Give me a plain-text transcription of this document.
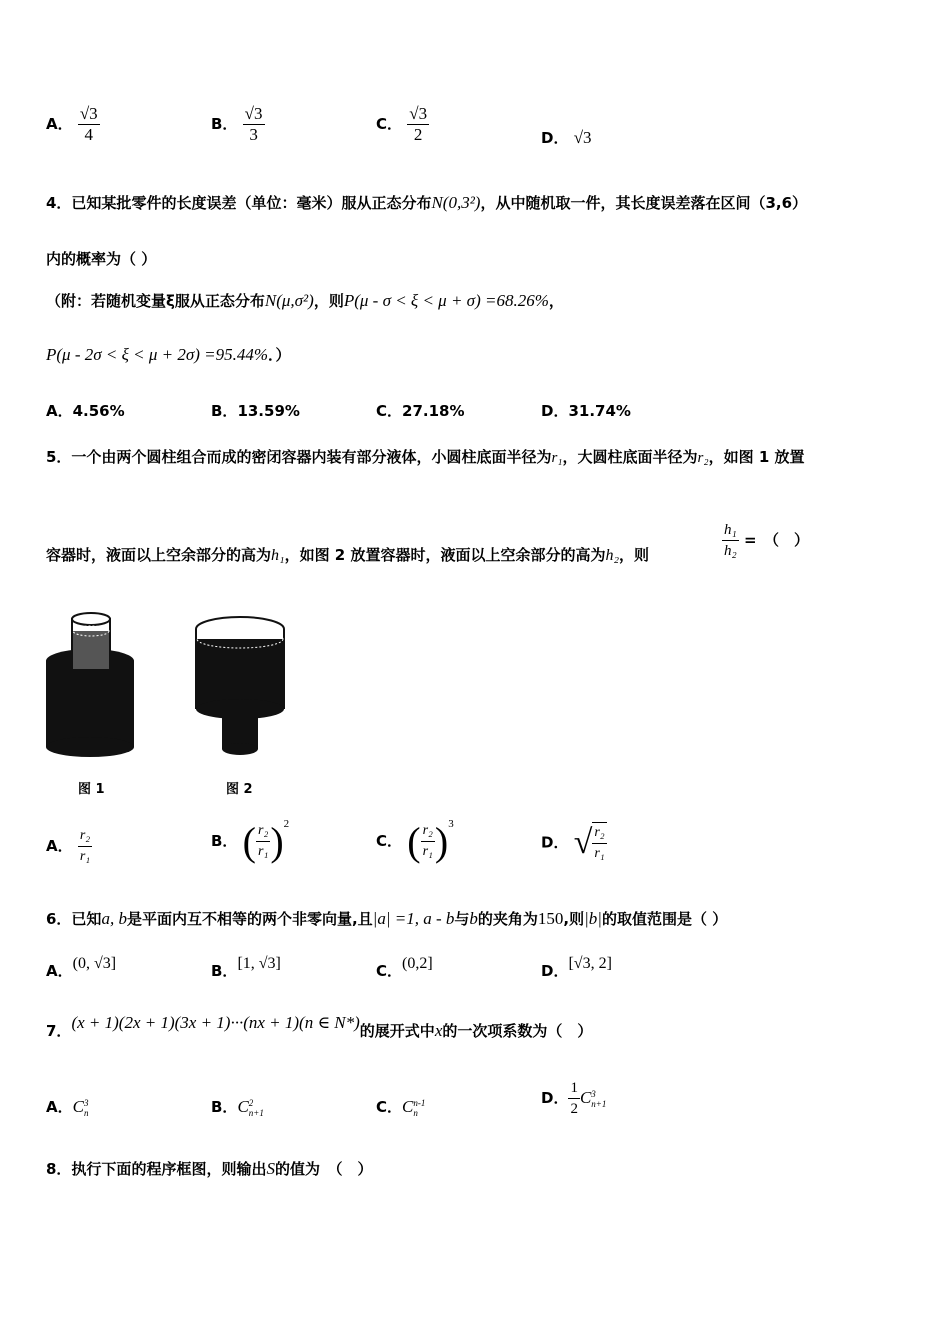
A． $\frac{√3}{4}$	B． $\frac{√3}{3}$	C． $\frac{√3}{2}$	D． √3
4．已知某批零件的长度误差（单位：毫米）服从正态分布N(0,3²)，从中随机取一件，其长度误差落在区间（3,6）
内的概率为（ ）
（附：若随机变量ξ服从正态分布N(μ,σ²)，则P(μ - σ < ξ < μ + σ) =68.26%，
P(μ - 2σ < ξ < μ + 2σ) =95.44%．）
A．4.56%	B．13.59%	C．27.18%	D．31.74%
5．一个由两个圆柱组合而成的密闭容器内装有部分液体，小圆柱底面半径为r₁，大圆柱底面半径为r₂，如图 1 放置
容器时，液面以上空余部分的高为h₁，如图 2 放置容器时，液面以上空余部分的高为h₂，则	$\frac{\text{h₁}}{\text{h₂}}$ =　（　）
图 1	图 2
A． $\frac{\text{r₂}}{\text{r₁}}$	B． ( $\frac{\text{r₂}}{\text{r₁}} )^2$
C． ( $\frac{\text{r₂}}{\text{r₁}} )^3$
D． √ $\frac{\text{r₂}}{\text{r₁}}$
6．已知a, b是平面内互不相等的两个非零向量,且|a| =1, a - b与b的夹角为150,则|b|的取值范围是（ ）
A．(0, √3]	B．[1, √3]	C．(0,2]	D．[√3, 2]
7．(x + 1)(2x + 1)(3x + 1)···(nx + 1)(n ∈ N*)的展开式中x的一次项系数为（　）
A．C 3
n	B．C 2
n+1	C．C n-1
n
D． $\frac{1}{2}$ C 3
n+1
8．执行下面的程序框图，则输出S的值为　（　）
